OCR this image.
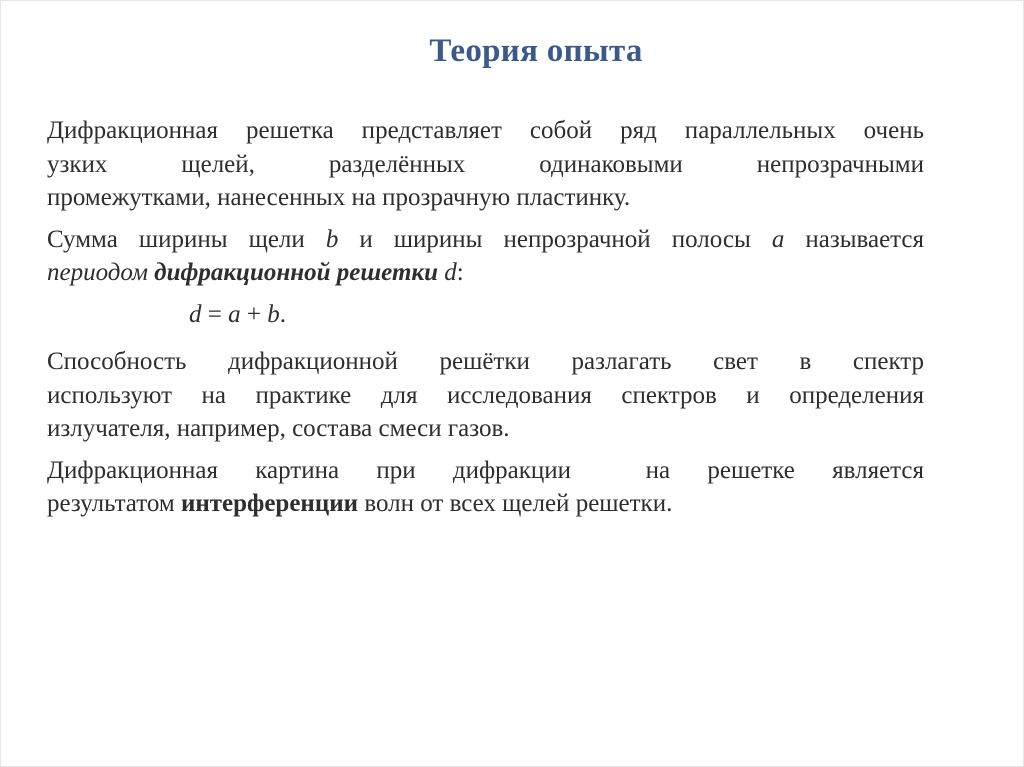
Теория опыта

Дифракционная решетка представляет собой ряд параллельных очень
узких щелей, разделённых одинаковыми непрозрачными
промежутками, нанесенных на прозрачную пластинку.

Сумма ширины щели b и ширины непрозрачной полосы a называется
периодом дифракционной решетки d:
d = a + b.

Способность дифракционной решётки разлагать свет в спектр
используют на практике для исследования спектров и определения
излучателя, например, состава смеси газов.

Дифракционная картина при дифракции  на решетке является
результатом интерференции волн от всех щелей решетки.
